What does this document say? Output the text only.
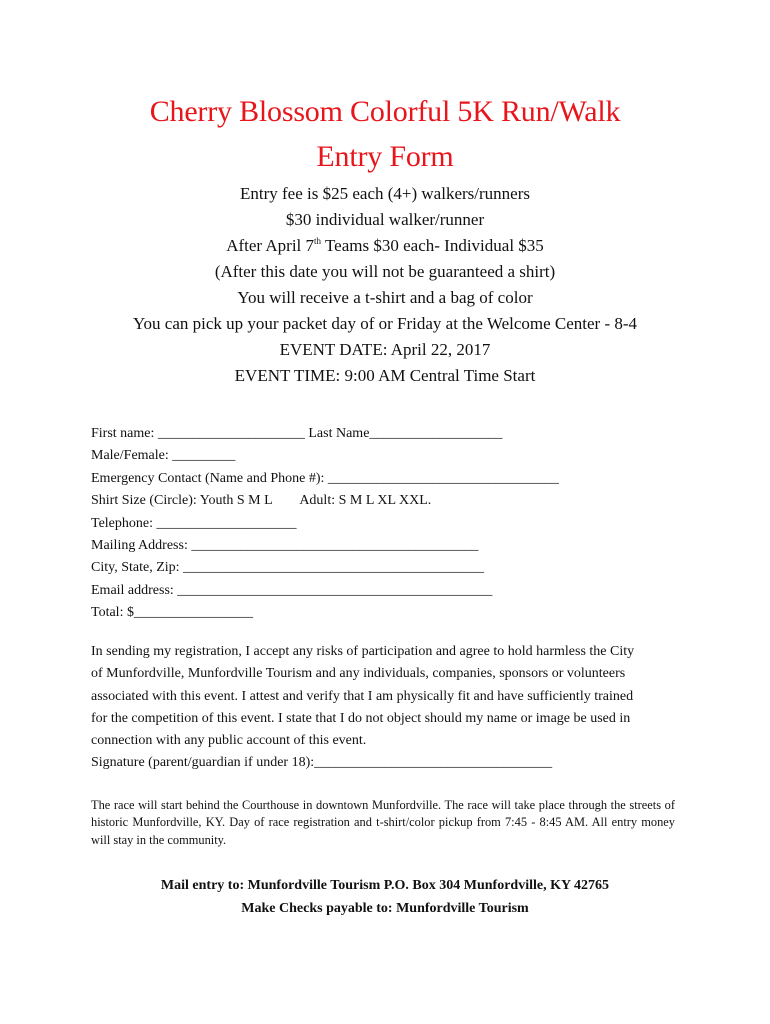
Cherry Blossom Colorful 5K Run/Walk
Entry Form
Entry fee is $25 each (4+) walkers/runners
$30 individual walker/runner
After April 7th Teams $30 each- Individual $35
(After this date you will not be guaranteed a shirt)
You will receive a t-shirt and a bag of color
You can pick up your packet day of or Friday at the Welcome Center - 8-4
EVENT DATE: April 22, 2017
EVENT TIME: 9:00 AM Central Time Start
First name: _____________________ Last Name___________________
Male/Female: _________
Emergency Contact (Name and Phone #): _________________________________
Shirt Size (Circle): Youth S M L        Adult: S M L XL XXL.
Telephone: ____________________
Mailing Address: _________________________________________
City, State, Zip: ___________________________________________
Email address: _____________________________________________
Total: $_________________
In sending my registration, I accept any risks of participation and agree to hold harmless the City
of Munfordville, Munfordville Tourism and any individuals, companies, sponsors or volunteers
associated with this event. I attest and verify that I am physically fit and have sufficiently trained
for the competition of this event. I state that I do not object should my name or image be used in
connection with any public account of this event.
Signature (parent/guardian if under 18):__________________________________
The race will start behind the Courthouse in downtown Munfordville. The race will take place through the streets of historic Munfordville, KY. Day of race registration and t-shirt/color pickup from 7:45 - 8:45 AM. All entry money will stay in the community.
Mail entry to: Munfordville Tourism P.O. Box 304 Munfordville, KY 42765
Make Checks payable to: Munfordville Tourism
